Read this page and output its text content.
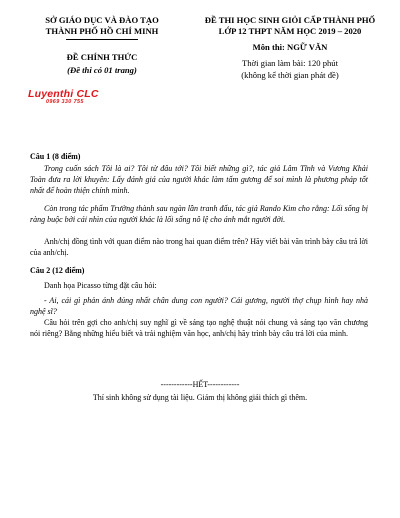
SỞ GIÁO DỤC VÀ ĐÀO TẠO
THÀNH PHỐ HỒ CHÍ MINH
ĐỀ CHÍNH THỨC
(Đề thi có 01 trang)
ĐỀ THI HỌC SINH GIỎI CẤP THÀNH PHỐ
LỚP 12 THPT NĂM HỌC 2019 – 2020
Môn thi: NGỮ VĂN
Thời gian làm bài: 120 phút
(không kể thời gian phát đề)
Luyenthi CLC
0969 330 755
Câu 1 (8 điểm)
Trong cuốn sách Tôi là ai? Tôi từ đâu tới? Tôi biết những gì?, tác giả Lâm Tĩnh và Vương Khải Toàn đưa ra lời khuyên: Lấy đánh giá của người khác làm tấm gương để soi mình là phương pháp tốt nhất để hoàn thiện chính mình.
Còn trong tác phẩm Trường thành sau ngàn lần tranh đấu, tác giả Rando Kim cho rằng: Lối sống bị ràng buộc bởi cái nhìn của người khác là lối sống nô lệ cho ánh mắt người đời.
Anh/chị đồng tình với quan điểm nào trong hai quan điểm trên? Hãy viết bài văn trình bày câu trả lời của anh/chị.
Câu 2 (12 điểm)
Danh họa Picasso từng đặt câu hỏi:
- Ai, cái gì phản ánh đúng nhất chân dung con người? Cái gương, người thợ chụp hình hay nhà nghệ sĩ?
Câu hỏi trên gợi cho anh/chị suy nghĩ gì về sáng tạo nghệ thuật nói chung và sáng tạo văn chương nói riêng? Bằng những hiểu biết và trải nghiệm văn học, anh/chị hãy trình bày câu trả lời của mình.
------------HẾT------------
Thí sinh không sử dụng tài liệu. Giám thị không giải thích gì thêm.
